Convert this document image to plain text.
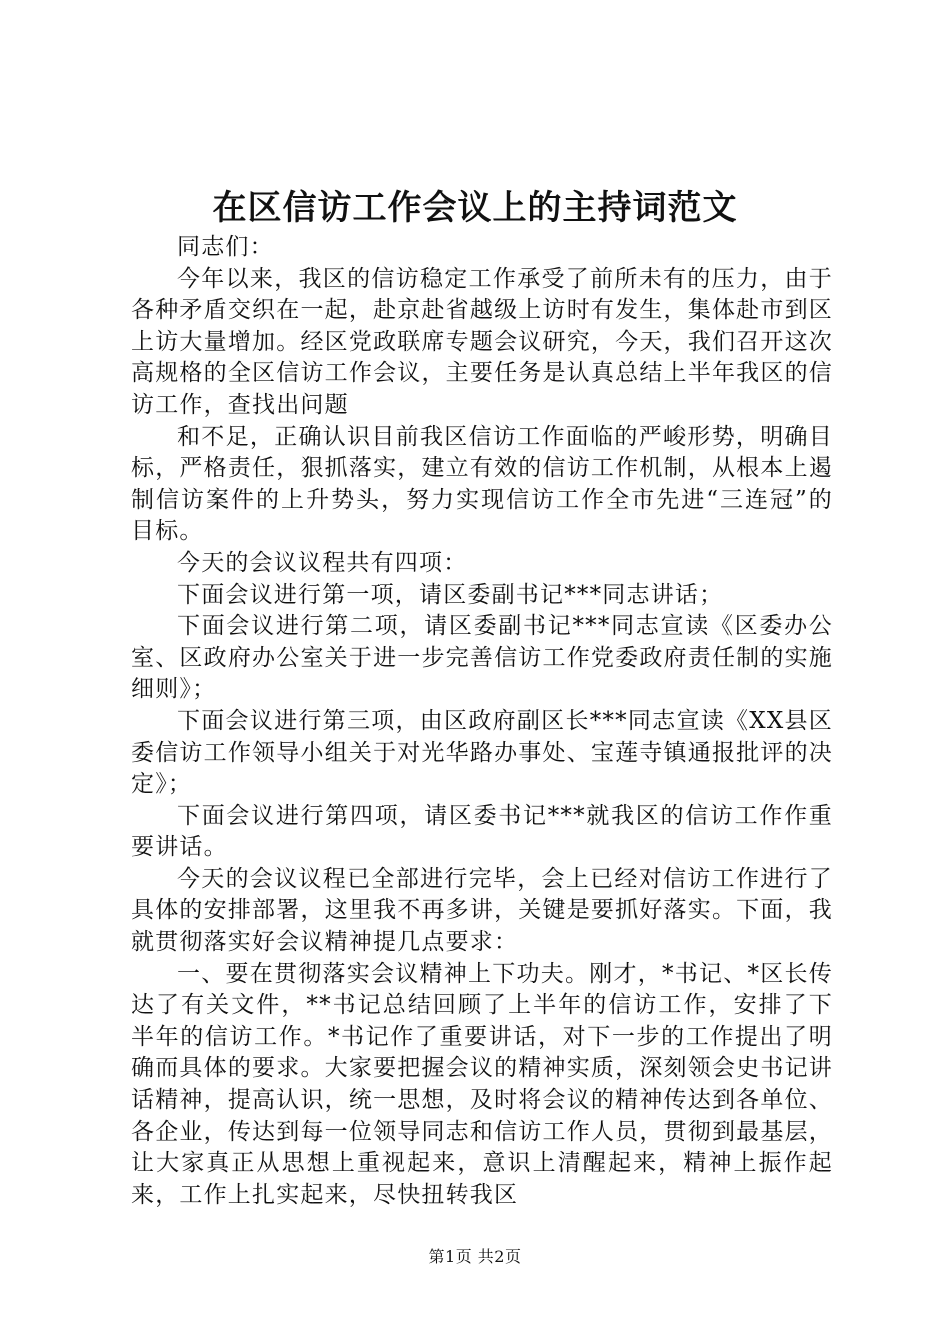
在区信访工作会议上的主持词范文

同志们：

今年以来，我区的信访稳定工作承受了前所未有的压力，由于各种矛盾交织在一起，赴京赴省越级上访时有发生，集体赴市到区上访大量增加。经区党政联席专题会议研究，今天，我们召开这次高规格的全区信访工作会议，主要任务是认真总结上半年我区的信访工作，查找出问题

和不足，正确认识目前我区信访工作面临的严峻形势，明确目标，严格责任，狠抓落实，建立有效的信访工作机制，从根本上遏制信访案件的上升势头，努力实现信访工作全市先进“三连冠”的目标。

今天的会议议程共有四项：

下面会议进行第一项，请区委副书记***同志讲话；

下面会议进行第二项，请区委副书记***同志宣读《区委办公室、区政府办公室关于进一步完善信访工作党委政府责任制的实施细则》；

下面会议进行第三项，由区政府副区长***同志宣读《XX县区委信访工作领导小组关于对光华路办事处、宝莲寺镇通报批评的决定》；

下面会议进行第四项，请区委书记***就我区的信访工作作重要讲话。

今天的会议议程已全部进行完毕，会上已经对信访工作进行了具体的安排部署，这里我不再多讲，关键是要抓好落实。下面，我就贯彻落实好会议精神提几点要求：

一、要在贯彻落实会议精神上下功夫。刚才，*书记、*区长传达了有关文件，**书记总结回顾了上半年的信访工作，安排了下半年的信访工作。*书记作了重要讲话，对下一步的工作提出了明确而具体的要求。大家要把握会议的精神实质，深刻领会史书记讲话精神，提高认识，统一思想，及时将会议的精神传达到各单位、各企业，传达到每一位领导同志和信访工作人员，贯彻到最基层，让大家真正从思想上重视起来，意识上清醒起来，精神上振作起来，工作上扎实起来，尽快扭转我区

第1页 共2页
